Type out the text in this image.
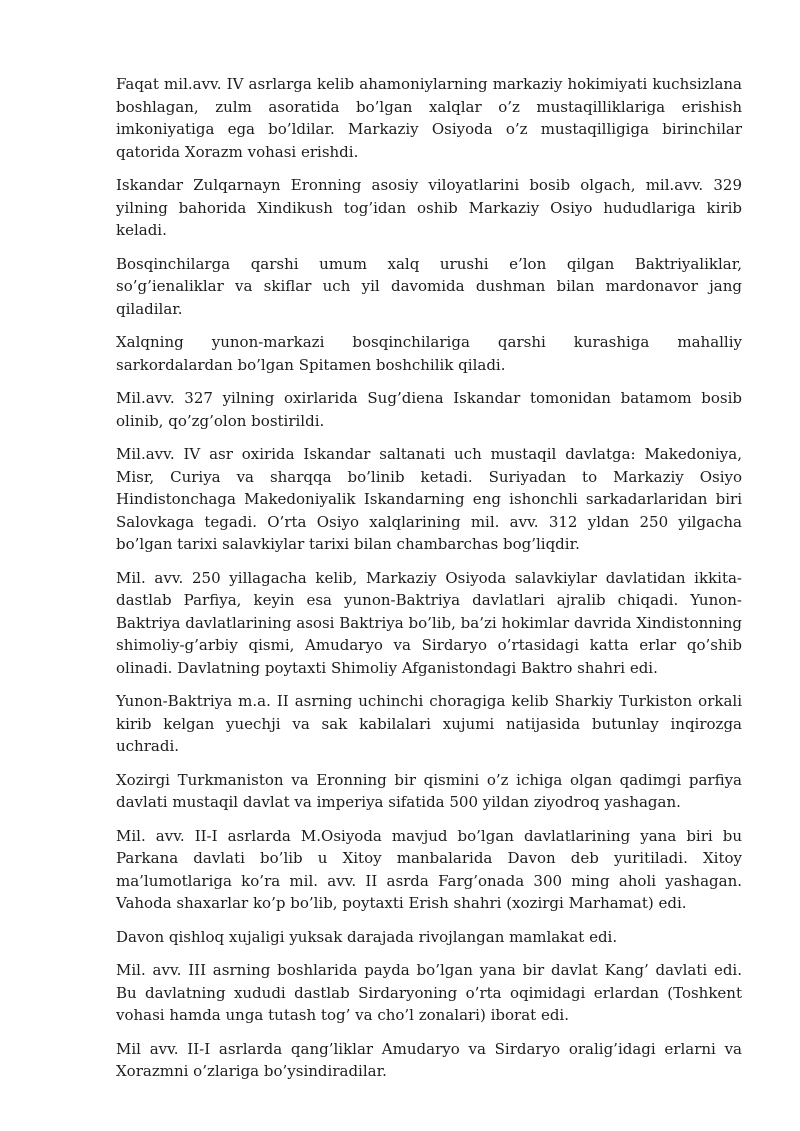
Faqat mil.avv. IV asrlarga kelib ahamoniylarning markaziy hokimiyati kuchsizlana boshlagan, zulm asoratida bo’lgan xalqlar o’z mustaqilliklariga erishish imkoniyatiga ega bo’ldilar. Markaziy Osiyoda o’z mustaqilligiga birinchilar qatorida Xorazm vohasi erishdi.

Iskandar Zulqarnayn Eronning asosiy viloyatlarini bosib olgach, mil.avv. 329 yilning bahorida Xindikush tog’idan oshib Markaziy Osiyo hududlariga kirib keladi.

Bosqinchilarga qarshi umum xalq urushi e’lon qilgan Baktriyaliklar, so’g’ienaliklar va skiflar uch yil davomida dushman bilan mardonavor jang qiladilar.

Xalqning yunon-markazi bosqinchilariga qarshi kurashiga mahalliy sarkordalardan bo’lgan Spitamen boshchilik qiladi.

Mil.avv. 327 yilning oxirlarida Sug’diena Iskandar tomonidan batamom bosib olinib, qo’zg’olon bostirildi.

Mil.avv. IV asr oxirida Iskandar saltanati uch mustaqil davlatga: Makedoniya, Misr, Curiya va sharqqa bo’linib ketadi. Suriyadan to Markaziy Osiyo Hindistonchaga Makedoniyalik Iskandarning eng ishonchli sarkadarlaridan biri Salovkaga tegadi. O’rta Osiyo xalqlarining mil. avv. 312 yldan 250 yilgacha bo’lgan tarixi salavkiylar tarixi bilan chambarchas bog’liqdir.

Mil. avv. 250 yillagacha kelib, Markaziy Osiyoda salavkiylar davlatidan ikkita-dastlab Parfiya, keyin esa yunon-Baktriya davlatlari ajralib chiqadi. Yunon-Baktriya davlatlarining asosi Baktriya bo’lib, ba’zi hokimlar davrida Xindistonning shimoliy-g’arbiy qismi, Amudaryo va Sirdaryo o’rtasidagi katta erlar qo’shib olinadi. Davlatning poytaxti Shimoliy Afganistondagi Baktro shahri edi.

Yunon-Baktriya m.a. II asrning uchinchi choragiga kelib Sharkiy Turkiston orkali kirib kelgan yuechji va sak kabilalari xujumi natijasida butunlay inqirozga uchradi.

Xozirgi Turkmaniston va Eronning bir qismini o’z ichiga olgan qadimgi parfiya davlati mustaqil davlat va imperiya sifatida 500 yildan ziyodroq yashagan.

Mil. avv. II-I asrlarda M.Osiyoda mavjud bo’lgan davlatlarining yana biri bu Parkana davlati bo’lib u Xitoy manbalarida Davon deb yuritiladi. Xitoy ma’lumotlariga ko’ra mil. avv. II asrda Farg’onada 300 ming aholi yashagan. Vahoda shaxarlar ko’p bo’lib, poytaxti Erish shahri (xozirgi Marhamat) edi.

Davon qishloq xujaligi yuksak darajada rivojlangan mamlakat edi.

Mil. avv. III asrning boshlarida payda bo’lgan yana bir davlat Kang’ davlati edi. Bu davlatning xududi dastlab Sirdaryoning o’rta oqimidagi erlardan (Toshkent vohasi hamda unga tutash tog’ va cho’l zonalari) iborat edi.

Mil avv. II-I asrlarda qang’liklar Amudaryo va Sirdaryo oralig’idagi erlarni va Xorazmni o’zlariga bo’ysindiradilar.
